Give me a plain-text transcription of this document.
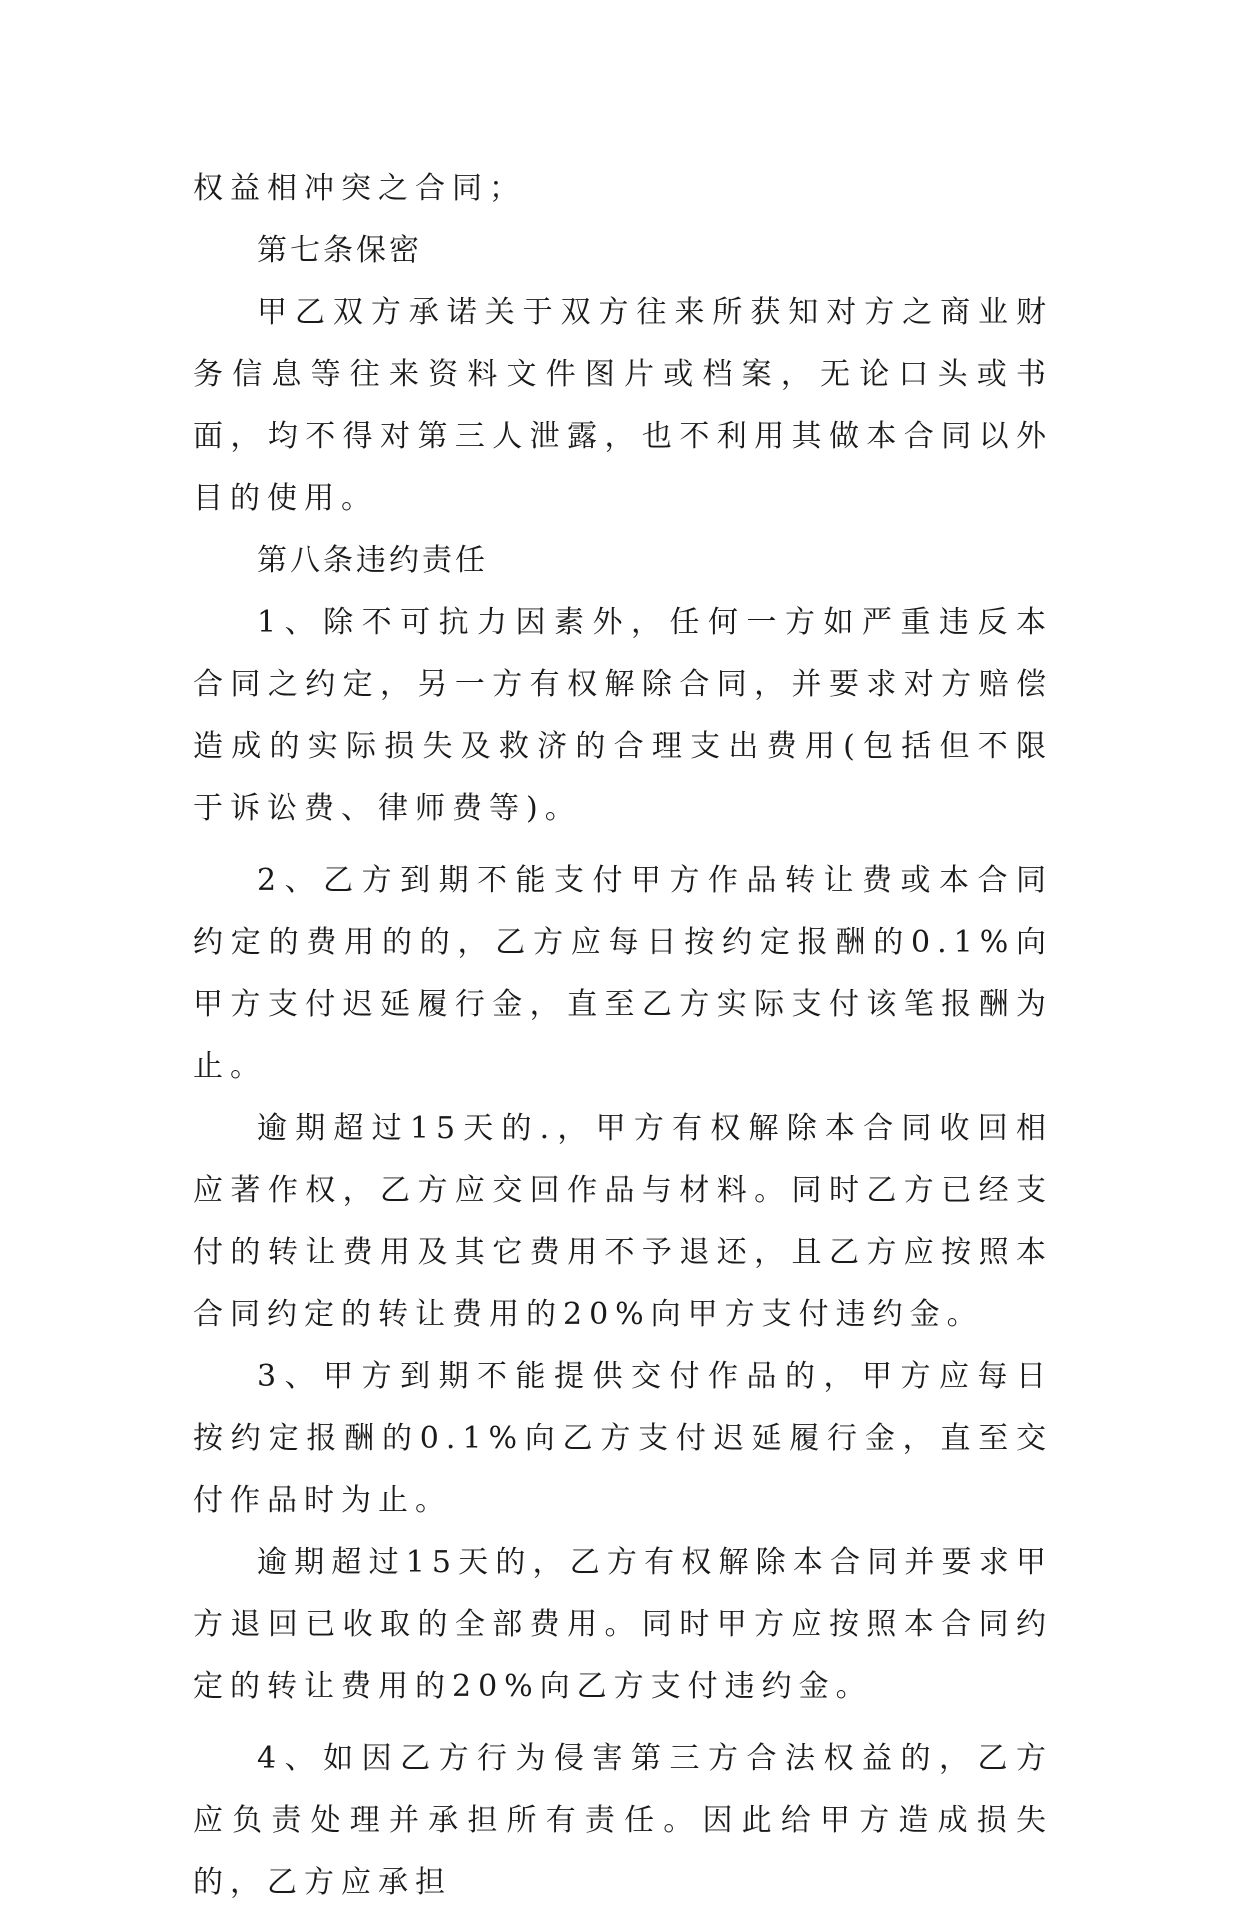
权益相冲突之合同；

第七条保密

甲乙双方承诺关于双方往来所获知对方之商业财务信息等往来资料文件图片或档案，无论口头或书面，均不得对第三人泄露，也不利用其做本合同以外目的使用。

第八条违约责任

1、除不可抗力因素外，任何一方如严重违反本合同之约定，另一方有权解除合同，并要求对方赔偿造成的实际损失及救济的合理支出费用(包括但不限于诉讼费、律师费等)。

2、乙方到期不能支付甲方作品转让费或本合同约定的费用的的，乙方应每日按约定报酬的0.1%向甲方支付迟延履行金，直至乙方实际支付该笔报酬为止。

逾期超过15天的.，甲方有权解除本合同收回相应著作权，乙方应交回作品与材料。同时乙方已经支付的转让费用及其它费用不予退还，且乙方应按照本合同约定的转让费用的20%向甲方支付违约金。

3、甲方到期不能提供交付作品的，甲方应每日按约定报酬的0.1%向乙方支付迟延履行金，直至交付作品时为止。

逾期超过15天的，乙方有权解除本合同并要求甲方退回已收取的全部费用。同时甲方应按照本合同约定的转让费用的20%向乙方支付违约金。

4、如因乙方行为侵害第三方合法权益的，乙方应负责处理并承担所有责任。因此给甲方造成损失的，乙方应承担
